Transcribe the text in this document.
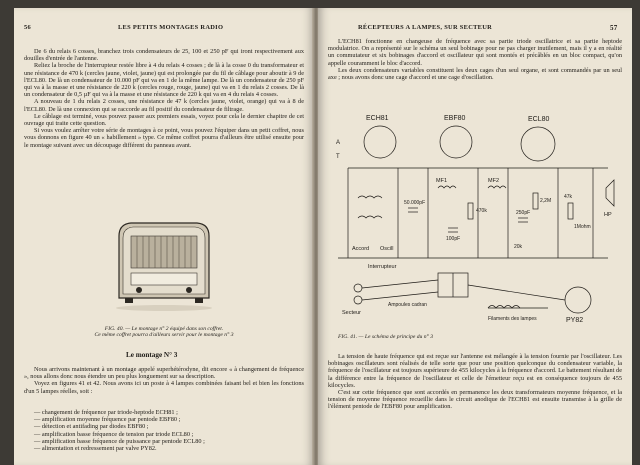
56	LES PETITS MONTAGES RADIO

De 6 du relais 6 cosses, branchez trois condensateurs de 25, 100 et 250 pF qui iront respectivement aux douilles d'entrée de l'antenne.

Reliez la broche de l'interrupteur restée libre à 4 du relais 4 cosses ; de là à la cosse 0 du transformateur et une résistance de 470 k (cercles jaune, violet, jaune) qui est prolongée par du fil de câblage pour aboutir à 9 de l'ECL80. De là un condensateur de 10.000 pF qui va en 1 de la même lampe. De là un condensateur de 250 pF qui va à la masse et une résistance de 220 k (cercles rouge, rouge, jaune) qui va en 1 du relais 2 cosses. De là un condensateur de 0,5 µF qui va à la masse et une résistance de 220 k qui va en 4 du relais 4 cosses.

A nouveau de 1 du relais 2 cosses, une résistance de 47 k (cercles jaune, violet, orange) qui va à 8 de l'ECL80. De là une connexion qui se raccorde au fil positif du condensateur de filtrage.

Le câblage est terminé, vous pouvez passer aux premiers essais, voyez pour cela le dernier chapitre de cet ouvrage qui traite cette question.

Si vous voulez arrêter votre série de montages à ce point, vous pouvez l'équiper dans un petit coffret, nous vous donnons en figure 40 un « habillement » type. Ce même coffret pourra d'ailleurs être utilisé ensuite pour le montage suivant avec un découpage différent du panneau avant.

FIG. 40. — Le montage n° 2 équipé dans son coffret.
Ce même coffret pourra d'ailleurs servir pour le montage n° 3
Le montage N° 3

Nous arrivons maintenant à un montage appelé superhétérodyne, dit encore « à changement de fréquence », nous allons donc nous étendre un peu plus longuement sur sa description.

Voyez en figures 41 et 42. Nous avons ici un poste à 4 lampes combinées faisant bel et bien les fonctions d'un 5 lampes réelles, soit :

— changement de fréquence par triode-heptode ECH81 ;
— amplification moyenne fréquence par pentode EBF80 ;
— détection et antifading par diodes EBF80 ;
— amplification basse fréquence de tension par triode ECL80 ;
— amplification basse fréquence de puissance par pentode ECL80 ;
— alimentation et redressement par valve PY82.
RÉCEPTEURS A LAMPES, SUR SECTEUR	57

L'ECH81 fonctionne en changeuse de fréquence avec sa partie triode oscillatrice et sa partie heptode modulatrice. On a représenté sur le schéma un seul bobinage pour ne pas charger inutilement, mais il y a en réalité un commutateur et six bobinages d'accord et oscillateur qui sont montés et précâblés en un bloc compact, qu'on appelle couramment le bloc d'accord.

Les deux condensateurs variables constituent les deux cages d'un seul organe, et sont commandés par un seul axe ; nous avons donc une cage d'accord et une cage d'oscillation.

ECH81	EBF80	ECL80
PY82
A
T
Accord Oscill
MF1	MF2
Interrupteur
Secteur
Ampoules cadran
Filaments des lampes
50.000pF
470k	250pF
2,2M
100pF
HP
1Mohm
47k
20k
FIG. 41. — Le schéma de principe du n° 3

La tension de haute fréquence qui est reçue sur l'antenne est mélangée à la tension fournie par l'oscillateur. Les bobinages oscillateurs sont réalisés de telle sorte que pour une position quelconque du condensateur variable, la fréquence de l'oscillateur est toujours supérieure de 455 kilocycles à la fréquence d'accord. Le battement résultant de la différence entre la fréquence de l'oscillateur et celle de l'émetteur reçu est en conséquence toujours de 455 kilocycles.

C'est sur cette fréquence que sont accordés en permanence les deux transformateurs moyenne fréquence, et la tension de moyenne fréquence recueillie dans le circuit anodique de l'ECH81 est ensuite transmise à la grille de l'élément pentode de l'EBF80 pour amplification.
